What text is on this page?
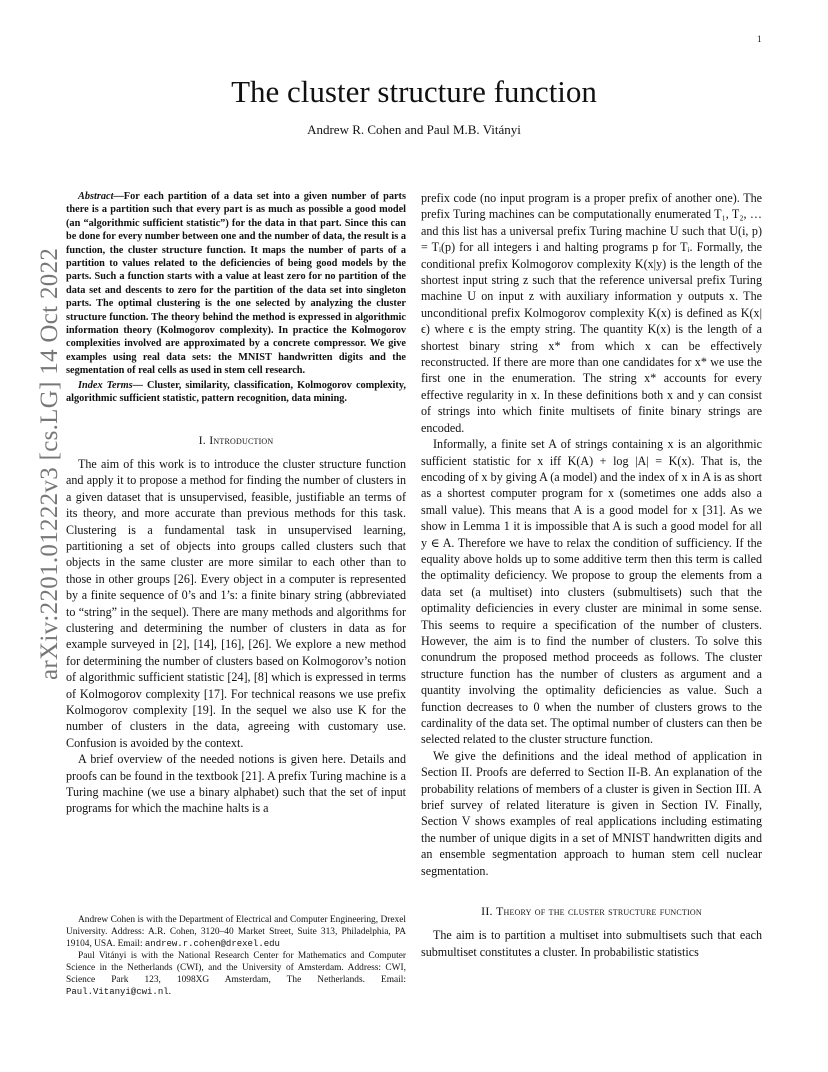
1
arXiv:2201.01222v3 [cs.LG] 14 Oct 2022
The cluster structure function
Andrew R. Cohen and Paul M.B. Vitányi

Abstract—For each partition of a data set into a given number of parts there is a partition such that every part is as much as possible a good model (an “algorithmic sufficient statistic”) for the data in that part. Since this can be done for every number between one and the number of data, the result is a function, the cluster structure function. It maps the number of parts of a partition to values related to the deficiencies of being good models by the parts. Such a function starts with a value at least zero for no partition of the data set and descents to zero for the partition of the data set into singleton parts. The optimal clustering is the one selected by analyzing the cluster structure function. The theory behind the method is expressed in algorithmic information theory (Kolmogorov complexity). In practice the Kolmogorov complexities involved are approximated by a concrete compressor. We give examples using real data sets: the MNIST handwritten digits and the segmentation of real cells as used in stem cell research.

Index Terms— Cluster, similarity, classification, Kolmogorov complexity, algorithmic sufficient statistic, pattern recognition, data mining.

I. Introduction

The aim of this work is to introduce the cluster structure function and apply it to propose a method for finding the number of clusters in a given dataset that is unsupervised, feasible, justifiable an terms of its theory, and more accurate than previous methods for this task. Clustering is a fundamental task in unsupervised learning, partitioning a set of objects into groups called clusters such that objects in the same cluster are more similar to each other than to those in other groups [26]. Every object in a computer is represented by a finite sequence of 0’s and 1’s: a finite binary string (abbreviated to “string” in the sequel). There are many methods and algorithms for clustering and determining the number of clusters in data as for example surveyed in [2], [14], [16], [26]. We explore a new method for determining the number of clusters based on Kolmogorov’s notion of algorithmic sufficient statistic [24], [8] which is expressed in terms of Kolmogorov complexity [17]. For technical reasons we use prefix Kolmogorov complexity [19]. In the sequel we also use K for the number of clusters in the data, agreeing with customary use. Confusion is avoided by the context.

A brief overview of the needed notions is given here. Details and proofs can be found in the textbook [21]. A prefix Turing machine is a Turing machine (we use a binary alphabet) such that the set of input programs for which the machine halts is a

Andrew Cohen is with the Department of Electrical and Computer Engineering, Drexel University. Address: A.R. Cohen, 3120–40 Market Street, Suite 313, Philadelphia, PA 19104, USA. Email: andrew.r.cohen@drexel.edu

Paul Vitányi is with the National Research Center for Mathematics and Computer Science in the Netherlands (CWI), and the University of Amsterdam. Address: CWI, Science Park 123, 1098XG Amsterdam, The Netherlands. Email: Paul.Vitanyi@cwi.nl.

prefix code (no input program is a proper prefix of another one). The prefix Turing machines can be computationally enumerated T₁, T₂, … and this list has a universal prefix Turing machine U such that U(i, p) = Tᵢ(p) for all integers i and halting programs p for Tᵢ. Formally, the conditional prefix Kolmogorov complexity K(x|y) is the length of the shortest input string z such that the reference universal prefix Turing machine U on input z with auxiliary information y outputs x. The unconditional prefix Kolmogorov complexity K(x) is defined as K(x|ϵ) where ϵ is the empty string. The quantity K(x) is the length of a shortest binary string x* from which x can be effectively reconstructed. If there are more than one candidates for x* we use the first one in the enumeration. The string x* accounts for every effective regularity in x. In these definitions both x and y can consist of strings into which finite multisets of finite binary strings are encoded.

Informally, a finite set A of strings containing x is an algorithmic sufficient statistic for x iff K(A) + log |A| = K(x). That is, the encoding of x by giving A (a model) and the index of x in A is as short as a shortest computer program for x (sometimes one adds also a small value). This means that A is a good model for x [31]. As we show in Lemma 1 it is impossible that A is such a good model for all y ∈ A. Therefore we have to relax the condition of sufficiency. If the equality above holds up to some additive term then this term is called the optimality deficiency. We propose to group the elements from a data set (a multiset) into clusters (submultisets) such that the optimality deficiencies in every cluster are minimal in some sense. This seems to require a specification of the number of clusters. However, the aim is to find the number of clusters. To solve this conundrum the proposed method proceeds as follows. The cluster structure function has the number of clusters as argument and a quantity involving the optimality deficiencies as value. Such a function decreases to 0 when the number of clusters grows to the cardinality of the data set. The optimal number of clusters can then be selected related to the cluster structure function.

We give the definitions and the ideal method of application in Section II. Proofs are deferred to Section II-B. An explanation of the probability relations of members of a cluster is given in Section III. A brief survey of related literature is given in Section IV. Finally, Section V shows examples of real applications including estimating the number of unique digits in a set of MNIST handwritten digits and an ensemble segmentation approach to human stem cell nuclear segmentation.

II. Theory of the cluster structure function

The aim is to partition a multiset into submultisets such that each submultiset constitutes a cluster. In probabilistic statistics
